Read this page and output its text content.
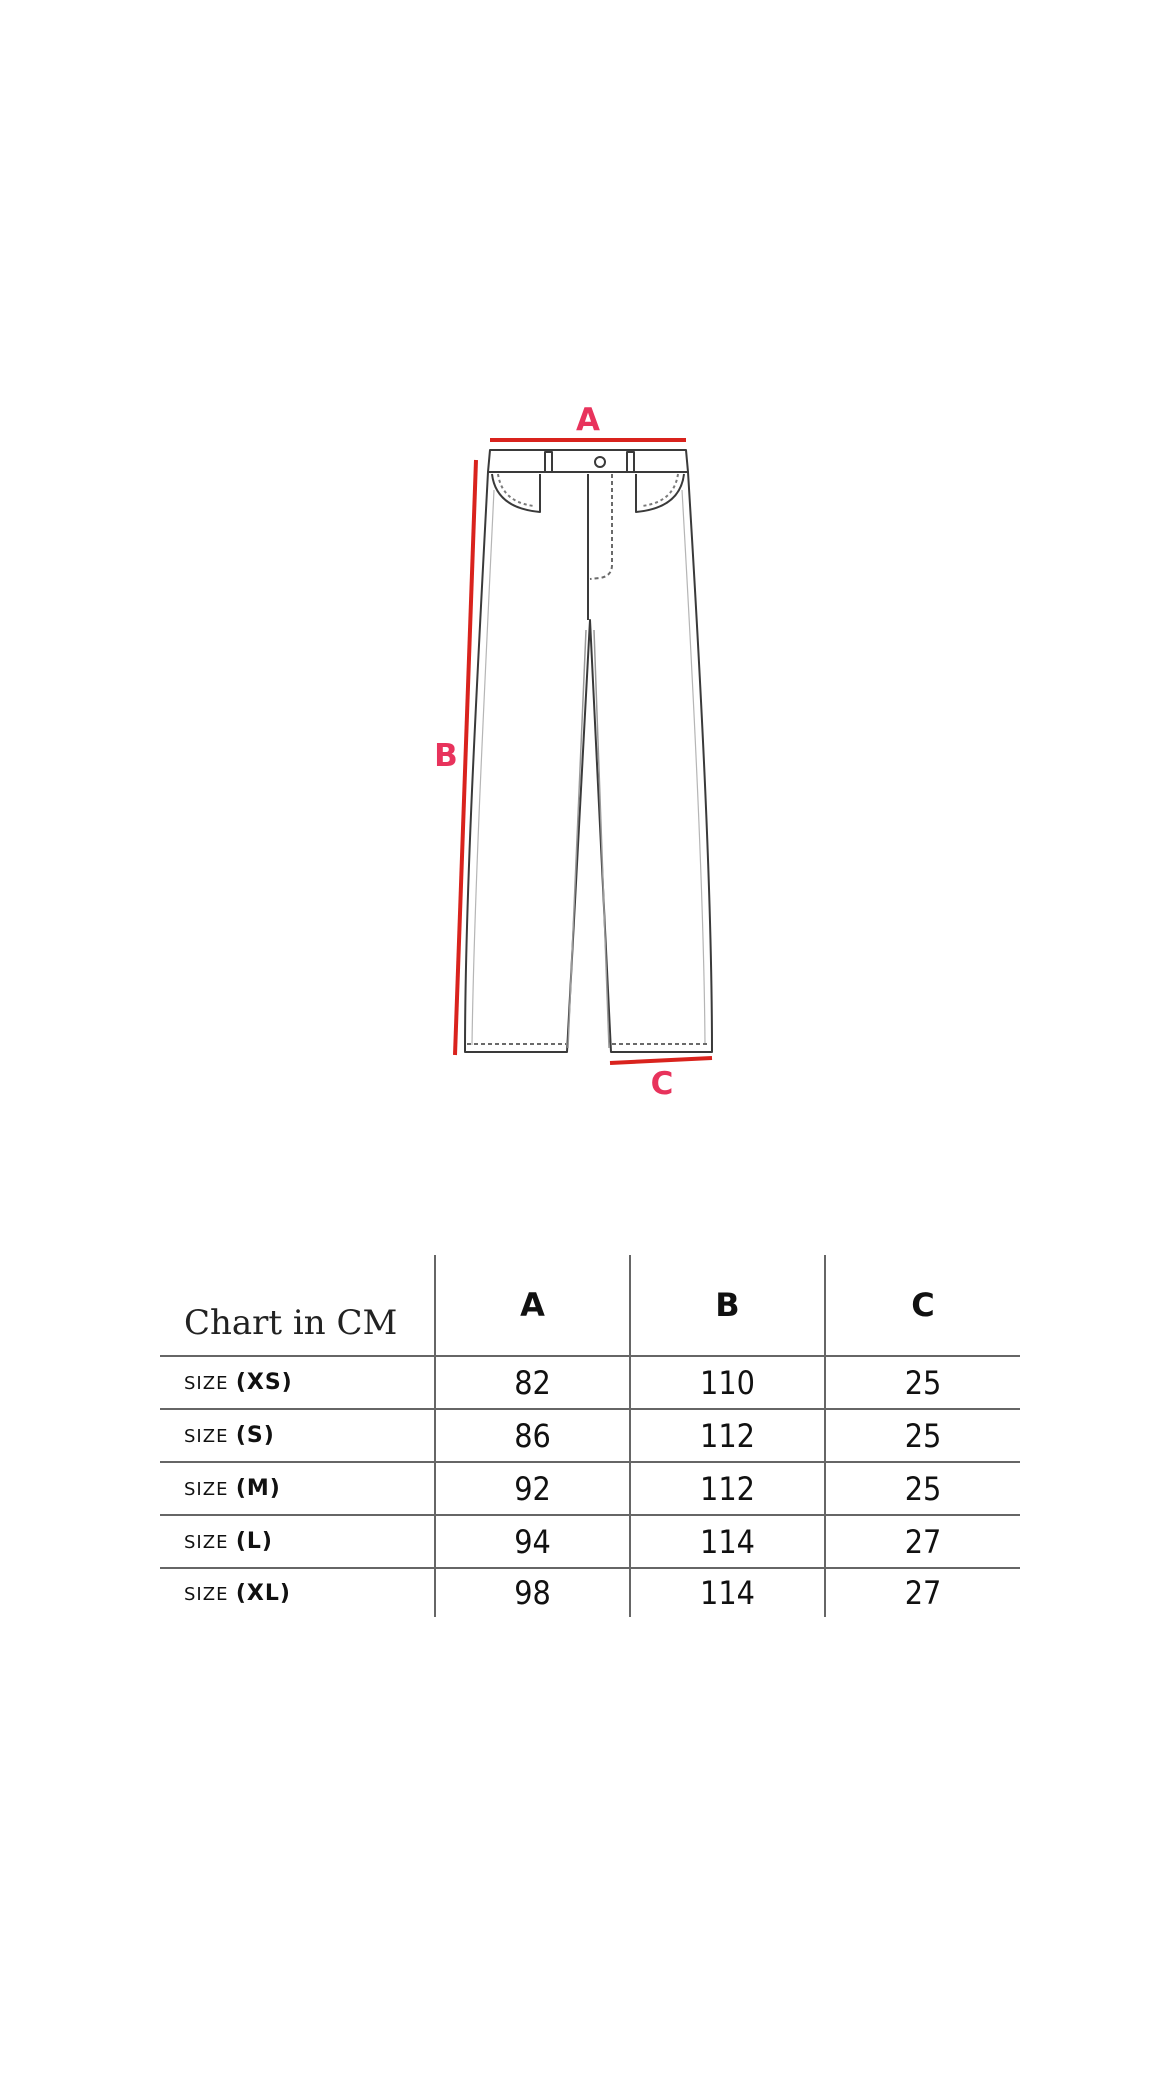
A
B
C
Chart in CM	A	B	C
SIZE (XS)	82	110	25
SIZE (S)	86	112	25
SIZE (M)	92	112	25
SIZE (L)	94	114	27
SIZE (XL)	98	114	27
